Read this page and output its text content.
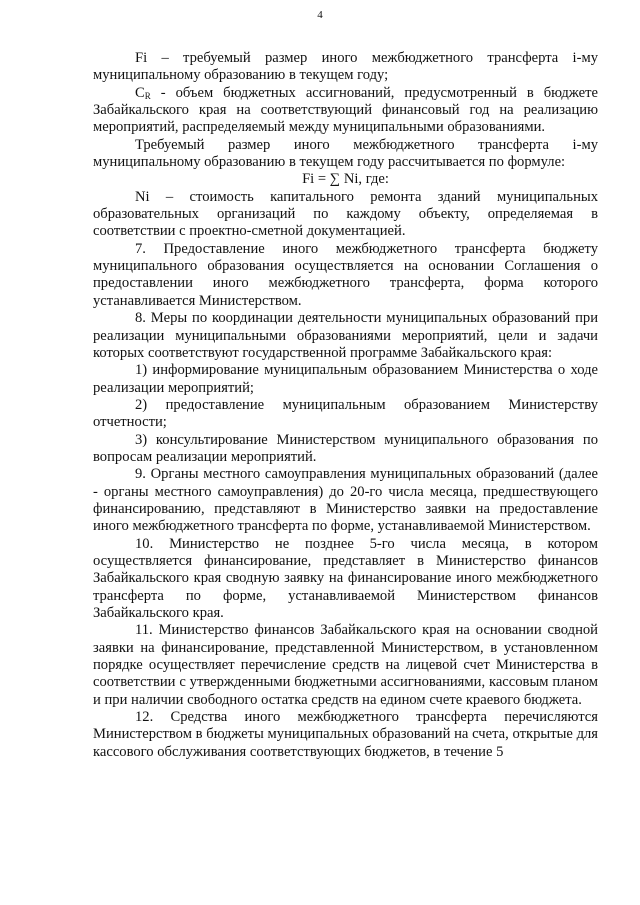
4

Fi – требуемый размер иного межбюджетного трансферта i-му муниципальному образованию в текущем году;

$C_R$ - объем бюджетных ассигнований, предусмотренный в бюджете Забайкальского края на соответствующий финансовый год на реализацию мероприятий, распределяемый между муниципальными образованиями.

Требуемый размер иного межбюджетного трансферта i-му муниципальному образованию в текущем году рассчитывается по формуле:

Fi = ∑ Ni, где:

Ni – стоимость капитального ремонта зданий муниципальных образовательных организаций по каждому объекту, определяемая в соответствии с проектно-сметной документацией.

7. Предоставление иного межбюджетного трансферта бюджету муниципального образования осуществляется на основании Соглашения о предоставлении иного межбюджетного трансферта, форма которого устанавливается Министерством.

8. Меры по координации деятельности муниципальных образований при реализации муниципальными образованиями мероприятий, цели и задачи которых соответствуют государственной программе Забайкальского края:

1) информирование муниципальным образованием Министерства о ходе реализации мероприятий;

2) предоставление муниципальным образованием Министерству отчетности;

3) консультирование Министерством муниципального образования по вопросам реализации мероприятий.

9. Органы местного самоуправления муниципальных образований (далее - органы местного самоуправления) до 20-го числа месяца, предшествующего финансированию, представляют в Министерство заявки на предоставление иного межбюджетного трансферта по форме, устанавливаемой Министерством.

10. Министерство не позднее 5-го числа месяца, в котором осуществляется финансирование, представляет в Министерство финансов Забайкальского края сводную заявку на финансирование иного межбюджетного трансферта по форме, устанавливаемой Министерством финансов Забайкальского края.

11. Министерство финансов Забайкальского края на основании сводной заявки на финансирование, представленной Министерством, в установленном порядке осуществляет перечисление средств на лицевой счет Министерства в соответствии с утвержденными бюджетными ассигнованиями, кассовым планом и при наличии свободного остатка средств на едином счете краевого бюджета.

12. Средства иного межбюджетного трансферта перечисляются Министерством в бюджеты муниципальных образований на счета, открытые для кассового обслуживания соответствующих бюджетов, в течение 5
